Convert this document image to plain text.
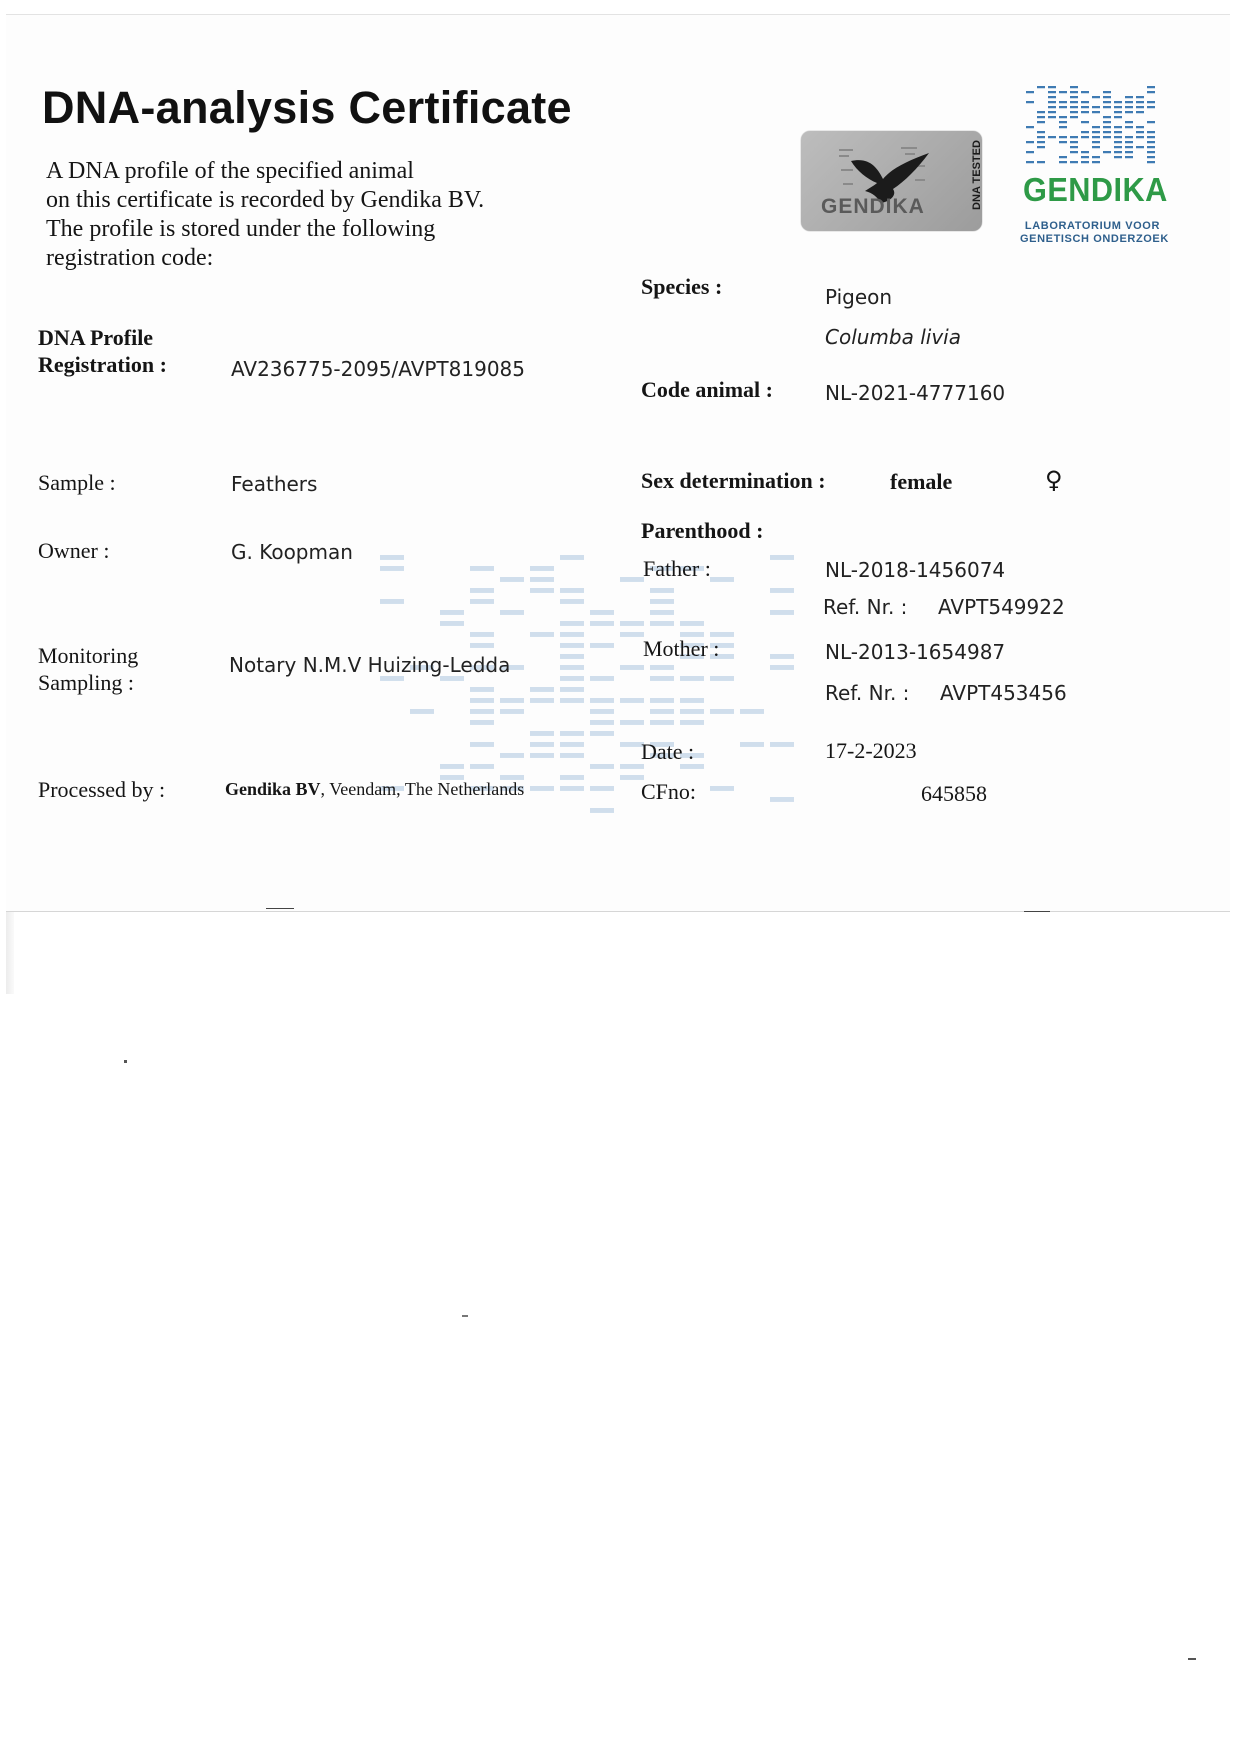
DNA-analysis Certificate
A DNA profile of the specified animal
on this certificate is recorded by Gendika BV.
The profile is stored under the following
registration code:
GENDIKA	DNA TESTED GENDIKA
LABORATORIUM VOOR
GENETISCH ONDERZOEK
DNA Profile
Registration :	AV236775-2095/AVPT819085
Sample :	Feathers
Owner :	G. Koopman
Monitoring
Sampling :
Notary N.M.V Huizing-Ledda
Processed by :	Gendika BV, Veendam, The Netherlands
Species :	Pigeon
Columba livia
Code animal :	NL-2021-4777160
Sex determination :	female	♀
Parenthood :
Father :	NL-2018-1456074
Ref. Nr. : AVPT549922
Mother :	NL-2013-1654987
Ref. Nr. : AVPT453456
Date :	17-2-2023
CFno:	645858
